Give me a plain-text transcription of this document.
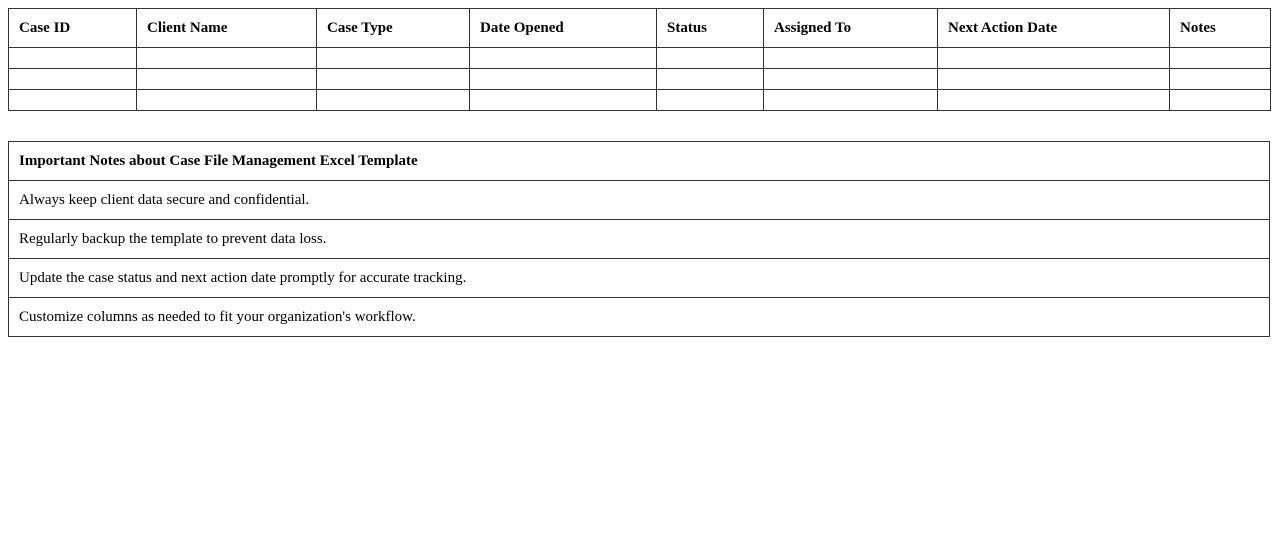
Case ID	Client Name	Case Type	Date Opened	Status	Assigned To	Next Action Date	Notes

Important Notes about Case File Management Excel Template
Always keep client data secure and confidential.
Regularly backup the template to prevent data loss.
Update the case status and next action date promptly for accurate tracking.
Customize columns as needed to fit your organization's workflow.
